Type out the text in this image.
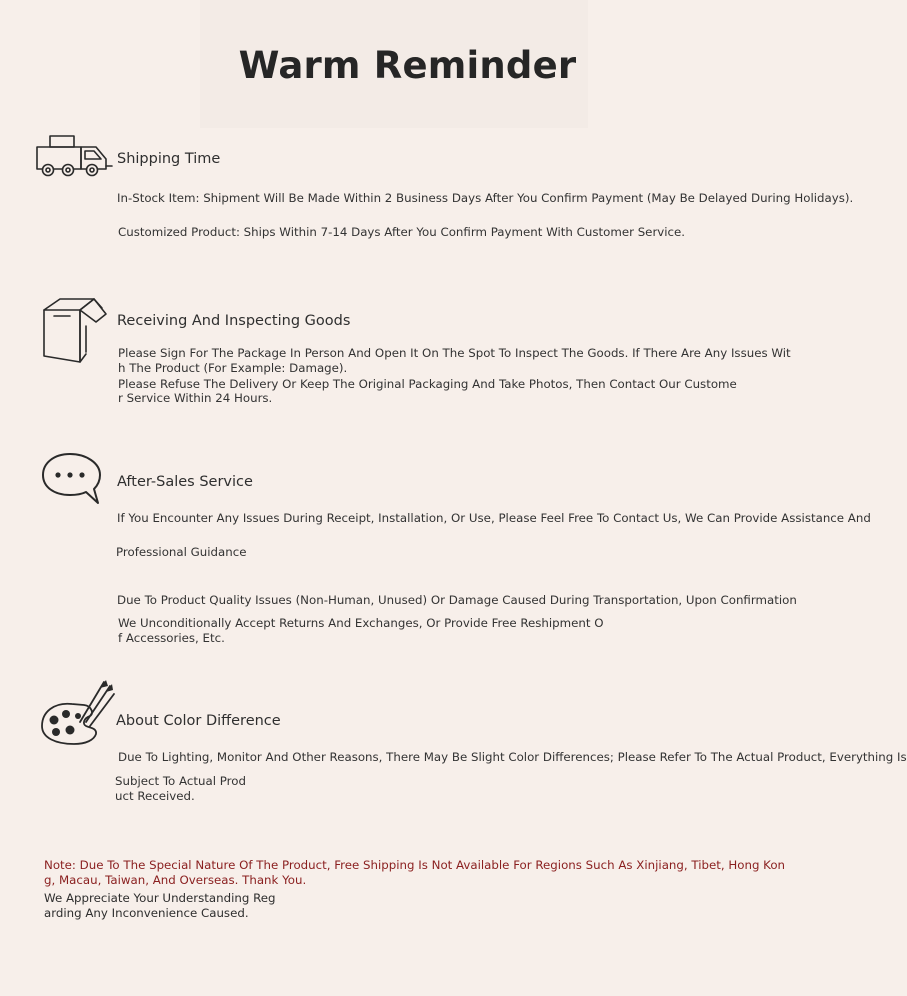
Warm Reminder
Shipping Time
In-Stock Item: Shipment Will Be Made Within 2 Business Days After You Confirm Payment (May Be Delayed During Holidays).
Customized Product: Ships Within 7-14 Days After You Confirm Payment With Customer Service.
Receiving And Inspecting Goods
Please Sign For The Package In Person And Open It On The Spot To Inspect The Goods. If There Are Any Issues Wit
h The Product (For Example: Damage).
Please Refuse The Delivery Or Keep The Original Packaging And Take Photos, Then Contact Our Custome
r Service Within 24 Hours.
After-Sales Service
If You Encounter Any Issues During Receipt, Installation, Or Use, Please Feel Free To Contact Us, We Can Provide Assistance And
Professional Guidance
Due To Product Quality Issues (Non-Human, Unused) Or Damage Caused During Transportation, Upon Confirmation
We Unconditionally Accept Returns And Exchanges, Or Provide Free Reshipment O
f Accessories, Etc.
About Color Difference
Due To Lighting, Monitor And Other Reasons, There May Be Slight Color Differences; Please Refer To The Actual Product, Everything Is
Subject To Actual Prod
uct Received.
Note: Due To The Special Nature Of The Product, Free Shipping Is Not Available For Regions Such As Xinjiang, Tibet, Hong Kon
g, Macau, Taiwan, And Overseas. Thank You.
We Appreciate Your Understanding Reg
arding Any Inconvenience Caused.
